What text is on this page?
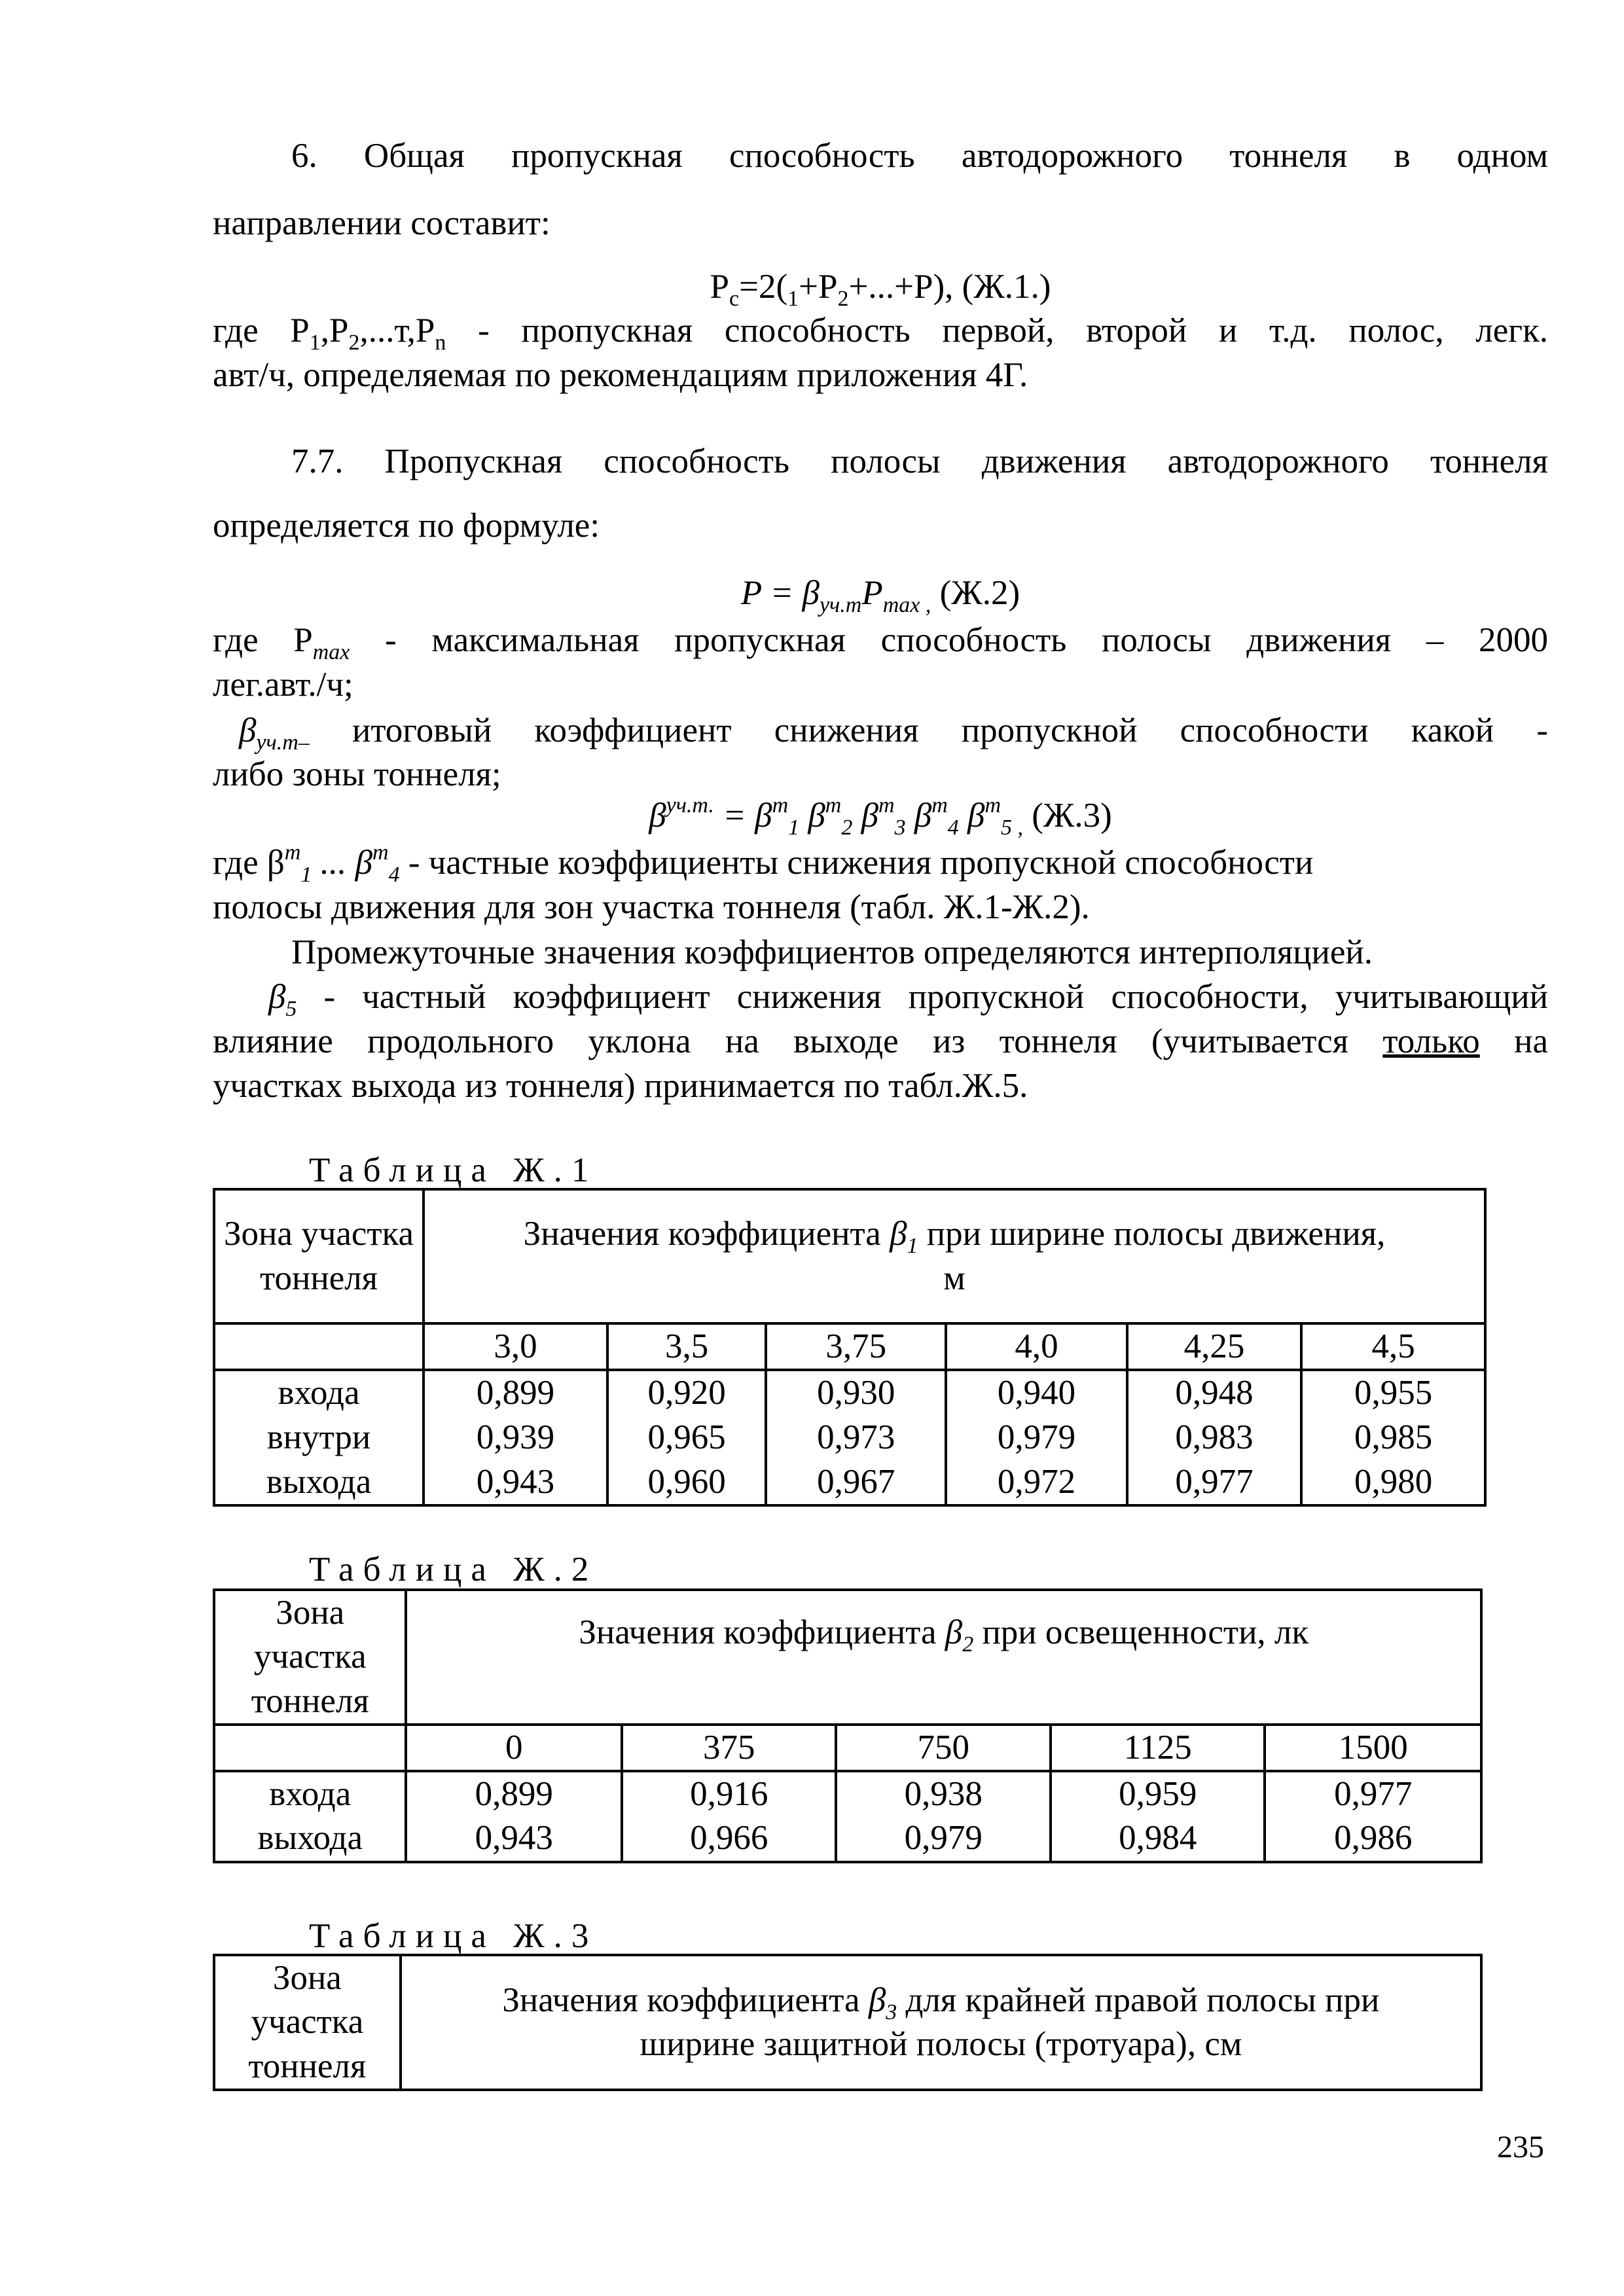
6. Общая пропускная способность автодорожного тоннеля в одном
направлении составит:
$P_c=2(_1+P_2+...+P)$, (Ж.1.)
где $P_1,P_2,...т,P_n$ - пропускная способность первой, второй и т.д. полос, легк.
авт/ч, определяемая по рекомендациям приложения 4Г.
7.7. Пропускная способность полосы движения автодорожного тоннеля
определяется по формуле:
$P = \beta_{уч.т}P_{max ,}$ (Ж.2)
где $P_{max}$ - максимальная пропускная способность полосы движения – 2000
лег.авт./ч;
$\beta_{уч.т-}$ итоговый коэффициент снижения пропускной способности какой -
либо зоны тоннеля;
$\beta^{уч.т.} = \beta^m_1$ $\beta^m_2$ $\beta^m_3$ $\beta^m_4$ $\beta^m_{5 ,}$ (Ж.3)
где $\beta^m_1$ ... $\beta^m_4$ - частные коэффициенты снижения пропускной способности
полосы движения для зон участка тоннеля (табл. Ж.1-Ж.2).
Промежуточные значения коэффициентов определяются интерполяцией.
$\beta_5$ - частный коэффициент снижения пропускной способности, учитывающий
влияние продольного уклона на выходе из тоннеля (учитывается только на
участках выхода из тоннеля) принимается по табл.Ж.5.
Таблица Ж.1
Зона участка тоннеля	Значения коэффициента $\beta_1$ при ширине полосы движения,
м					
	3,0	3,5	3,75	4,0	4,25	4,5
входа	0,899	0,920	0,930	0,940	0,948	0,955
внутри	0,939	0,965	0,973	0,979	0,983	0,985
выхода	0,943	0,960	0,967	0,972	0,977	0,980
Таблица Ж.2
Зона участка тоннеля	Значения коэффициента $\beta_2$ при освещенности, лк				
	0	375	750	1125	1500
входа	0,899	0,916	0,938	0,959	0,977
выхода	0,943	0,966	0,979	0,984	0,986
Таблица Ж.3
Зона участка тоннеля	Значения коэффициента $\beta_3$ для крайней правой полосы при
ширине защитной полосы (тротуара), см
235
